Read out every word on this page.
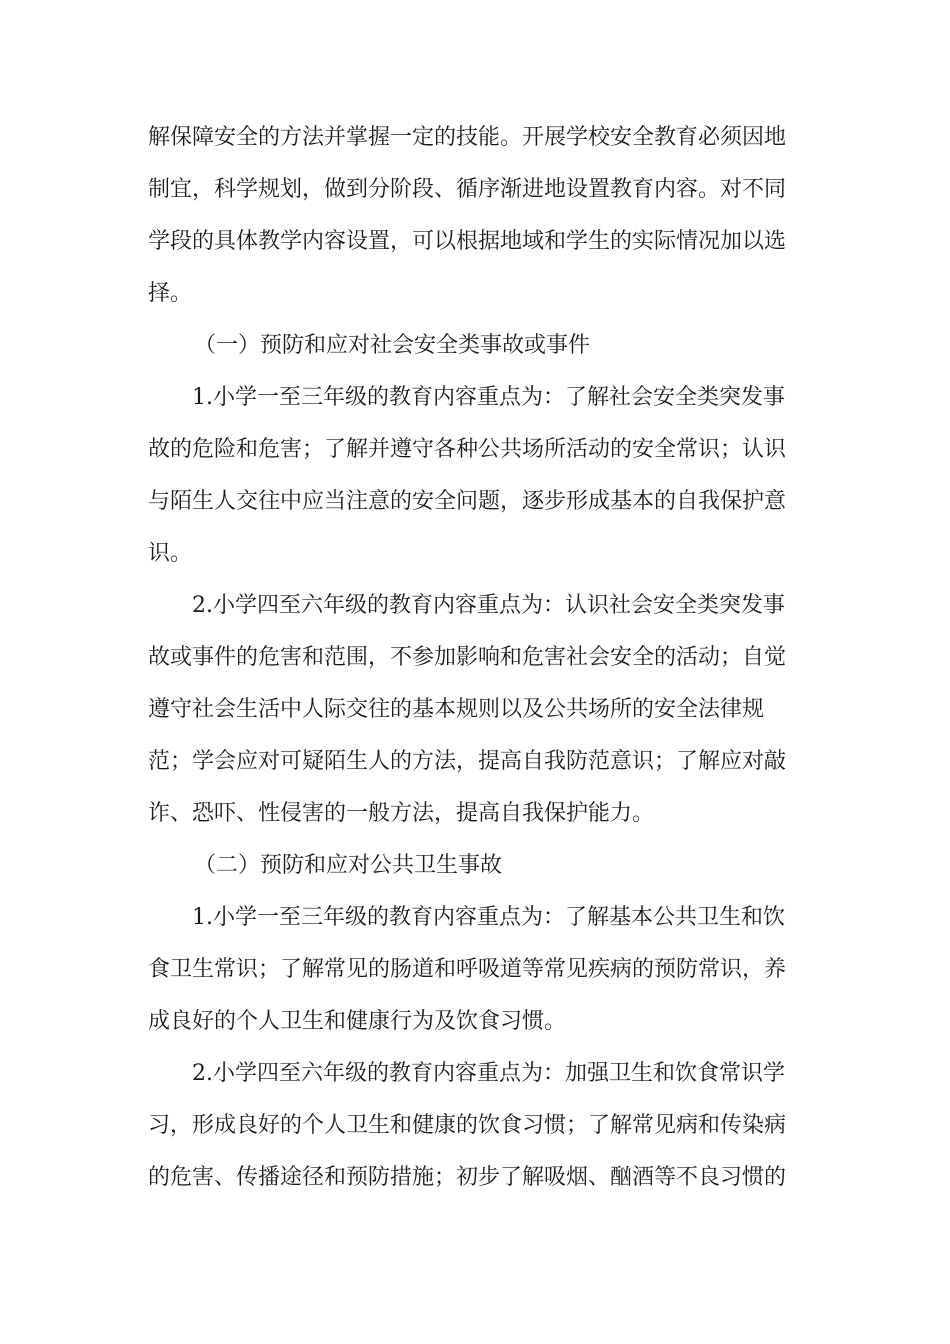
解保障安全的方法并掌握一定的技能。开展学校安全教育必须因地
制宜，科学规划，做到分阶段、循序渐进地设置教育内容。对不同
学段的具体教学内容设置，可以根据地域和学生的实际情况加以选
择。
（一）预防和应对社会安全类事故或事件
1.小学一至三年级的教育内容重点为：了解社会安全类突发事
故的危险和危害；了解并遵守各种公共场所活动的安全常识；认识
与陌生人交往中应当注意的安全问题，逐步形成基本的自我保护意
识。
2.小学四至六年级的教育内容重点为：认识社会安全类突发事
故或事件的危害和范围，不参加影响和危害社会安全的活动；自觉
遵守社会生活中人际交往的基本规则以及公共场所的安全法律规
范；学会应对可疑陌生人的方法，提高自我防范意识；了解应对敲
诈、恐吓、性侵害的一般方法，提高自我保护能力。
（二）预防和应对公共卫生事故
1.小学一至三年级的教育内容重点为：了解基本公共卫生和饮
食卫生常识；了解常见的肠道和呼吸道等常见疾病的预防常识，养
成良好的个人卫生和健康行为及饮食习惯。
2.小学四至六年级的教育内容重点为：加强卫生和饮食常识学
习，形成良好的个人卫生和健康的饮食习惯；了解常见病和传染病
的危害、传播途径和预防措施；初步了解吸烟、酗酒等不良习惯的
